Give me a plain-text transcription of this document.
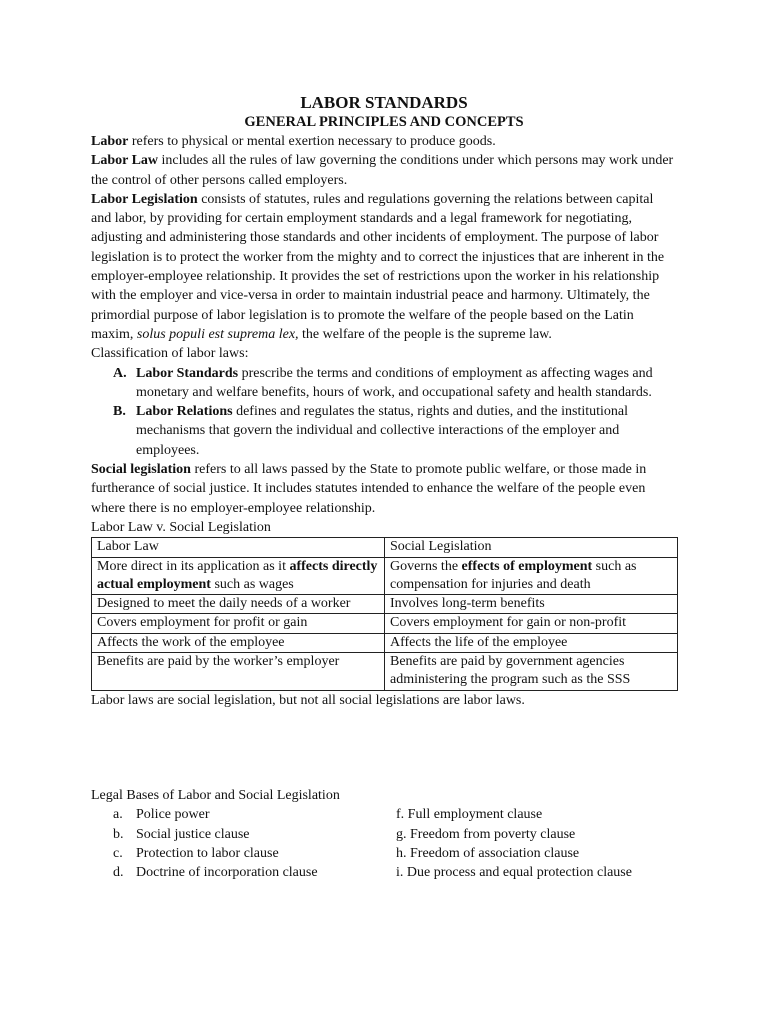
LABOR STANDARDS
GENERAL PRINCIPLES AND CONCEPTS

Labor refers to physical or mental exertion necessary to produce goods.

Labor Law includes all the rules of law governing the conditions under which persons may work under the control of other persons called employers.

Labor Legislation consists of statutes, rules and regulations governing the relations between capital and labor, by providing for certain employment standards and a legal framework for negotiating, adjusting and administering those standards and other incidents of employment. The purpose of labor legislation is to protect the worker from the mighty and to correct the injustices that are inherent in the employer-employee relationship. It provides the set of restrictions upon the worker in his relationship with the employer and vice-versa in order to maintain industrial peace and harmony. Ultimately, the primordial purpose of labor legislation is to promote the welfare of the people based on the Latin maxim, solus populi est suprema lex, the welfare of the people is the supreme law.

Classification of labor laws:

A. Labor Standards prescribe the terms and conditions of employment as affecting wages and monetary and welfare benefits, hours of work, and occupational safety and health standards.
B. Labor Relations defines and regulates the status, rights and duties, and the institutional mechanisms that govern the individual and collective interactions of the employer and employees.

Social legislation refers to all laws passed by the State to promote public welfare, or those made in furtherance of social justice. It includes statutes intended to enhance the welfare of the people even where there is no employer-employee relationship.

Labor Law v. Social Legislation

Labor Law	Social Legislation
More direct in its application as it affects directly actual employment such as wages	Governs the effects of employment such as compensation for injuries and death
Designed to meet the daily needs of a worker	Involves long-term benefits
Covers employment for profit or gain	Covers employment for gain or non-profit
Affects the work of the employee	Affects the life of the employee
Benefits are paid by the worker’s employer	Benefits are paid by government agencies administering the program such as the SSS

Labor laws are social legislation, but not all social legislations are labor laws.

Legal Bases of Labor and Social Legislation

a. Police power
b. Social justice clause
c. Protection to labor clause
d. Doctrine of incorporation clause
f. Full employment clause
g. Freedom from poverty clause
h. Freedom of association clause
i. Due process and equal protection clause
